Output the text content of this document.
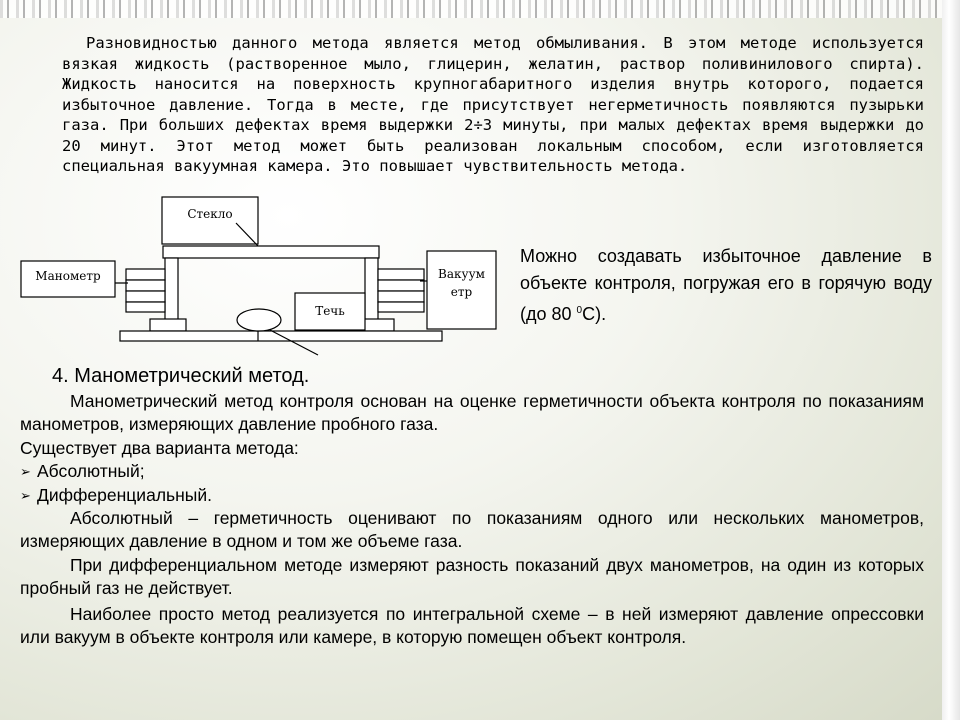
Разновидностью данного метода является метод обмыливания. В этом методе используется вязкая жидкость (растворенное мыло, глицерин, желатин, раствор поливинилового спирта). Жидкость наносится на поверхность крупногабаритного изделия внутрь которого, подается избыточное давление. Тогда в месте, где присутствует негерметичность появляются пузырьки газа. При больших дефектах время выдержки 2÷3 минуты, при малых дефектах время выдержки до 20 минут. Этот метод может быть реализован локальным способом, если изготовляется специальная вакуумная камера. Это повышает чувствительность метода.

Стекло
Манометр	Вакуум
етр
Течь
Можно создавать избыточное давление в объекте контроля, погружая его в горячую воду (до 80 $^0$С).
4. Манометрический метод.

Манометрический метод контроля основан на оценке герметичности объекта контроля по показаниям манометров, измеряющих давление пробного газа.

Существует два варианта метода:

➢ Абсолютный;
➢ Дифференциальный.

Абсолютный – герметичность оценивают по показаниям одного или нескольких манометров, измеряющих давление в одном и том же объеме газа.

При дифференциальном методе измеряют разность показаний двух манометров, на один из которых пробный газ не действует.

Наиболее просто метод реализуется по интегральной схеме – в ней измеряют давление опрессовки или вакуум в объекте контроля или камере, в которую помещен объект контроля.
